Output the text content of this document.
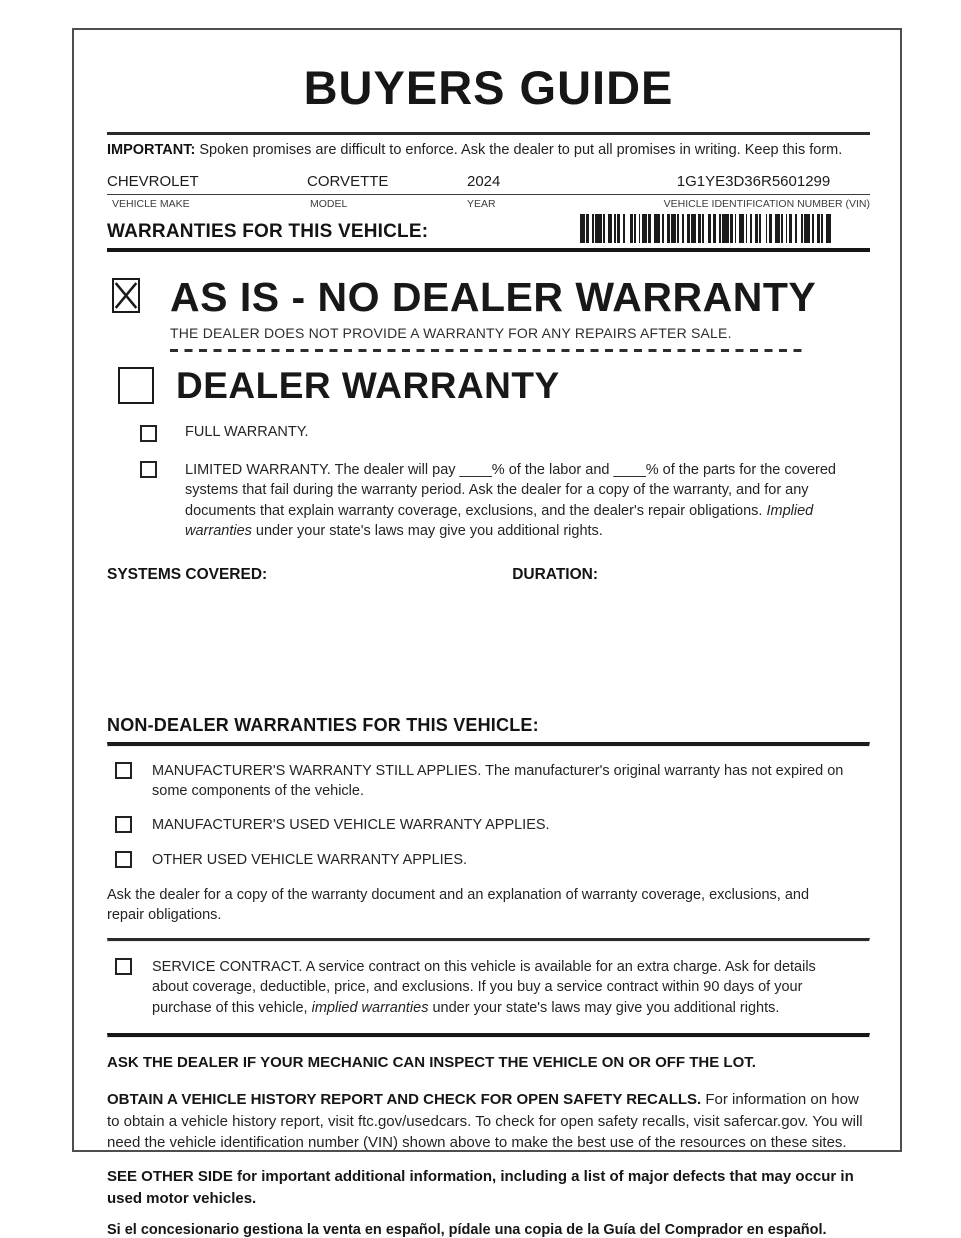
BUYERS GUIDE
IMPORTANT: Spoken promises are difficult to enforce. Ask the dealer to put all promises in writing. Keep this form.
CHEVROLET	CORVETTE	2024	1G1YE3D36R5601299
VEHICLE MAKE	MODEL	YEAR	VEHICLE IDENTIFICATION NUMBER (VIN)
WARRANTIES FOR THIS VEHICLE:
AS IS - NO DEALER WARRANTY
THE DEALER DOES NOT PROVIDE A WARRANTY FOR ANY REPAIRS AFTER SALE.
DEALER WARRANTY
FULL WARRANTY.
LIMITED WARRANTY. The dealer will pay ____% of the labor and ____% of the parts for the covered systems that fail during the warranty period. Ask the dealer for a copy of the warranty, and for any documents that explain warranty coverage, exclusions, and the dealer's repair obligations. Implied warranties under your state's laws may give you additional rights.
SYSTEMS COVERED:	DURATION:
NON-DEALER WARRANTIES FOR THIS VEHICLE:
MANUFACTURER'S WARRANTY STILL APPLIES. The manufacturer's original warranty has not expired on some components of the vehicle.
MANUFACTURER'S USED VEHICLE WARRANTY APPLIES.
OTHER USED VEHICLE WARRANTY APPLIES.
Ask the dealer for a copy of the warranty document and an explanation of warranty coverage, exclusions, and repair obligations.
SERVICE CONTRACT. A service contract on this vehicle is available for an extra charge. Ask for details about coverage, deductible, price, and exclusions. If you buy a service contract within 90 days of your purchase of this vehicle, implied warranties under your state's laws may give you additional rights.
ASK THE DEALER IF YOUR MECHANIC CAN INSPECT THE VEHICLE ON OR OFF THE LOT.
OBTAIN A VEHICLE HISTORY REPORT AND CHECK FOR OPEN SAFETY RECALLS. For information on how to obtain a vehicle history report, visit ftc.gov/usedcars. To check for open safety recalls, visit safercar.gov. You will need the vehicle identification number (VIN) shown above to make the best use of the resources on these sites.
SEE OTHER SIDE for important additional information, including a list of major defects that may occur in used motor vehicles.
Si el concesionario gestiona la venta en español, pídale una copia de la Guía del Comprador en español.
